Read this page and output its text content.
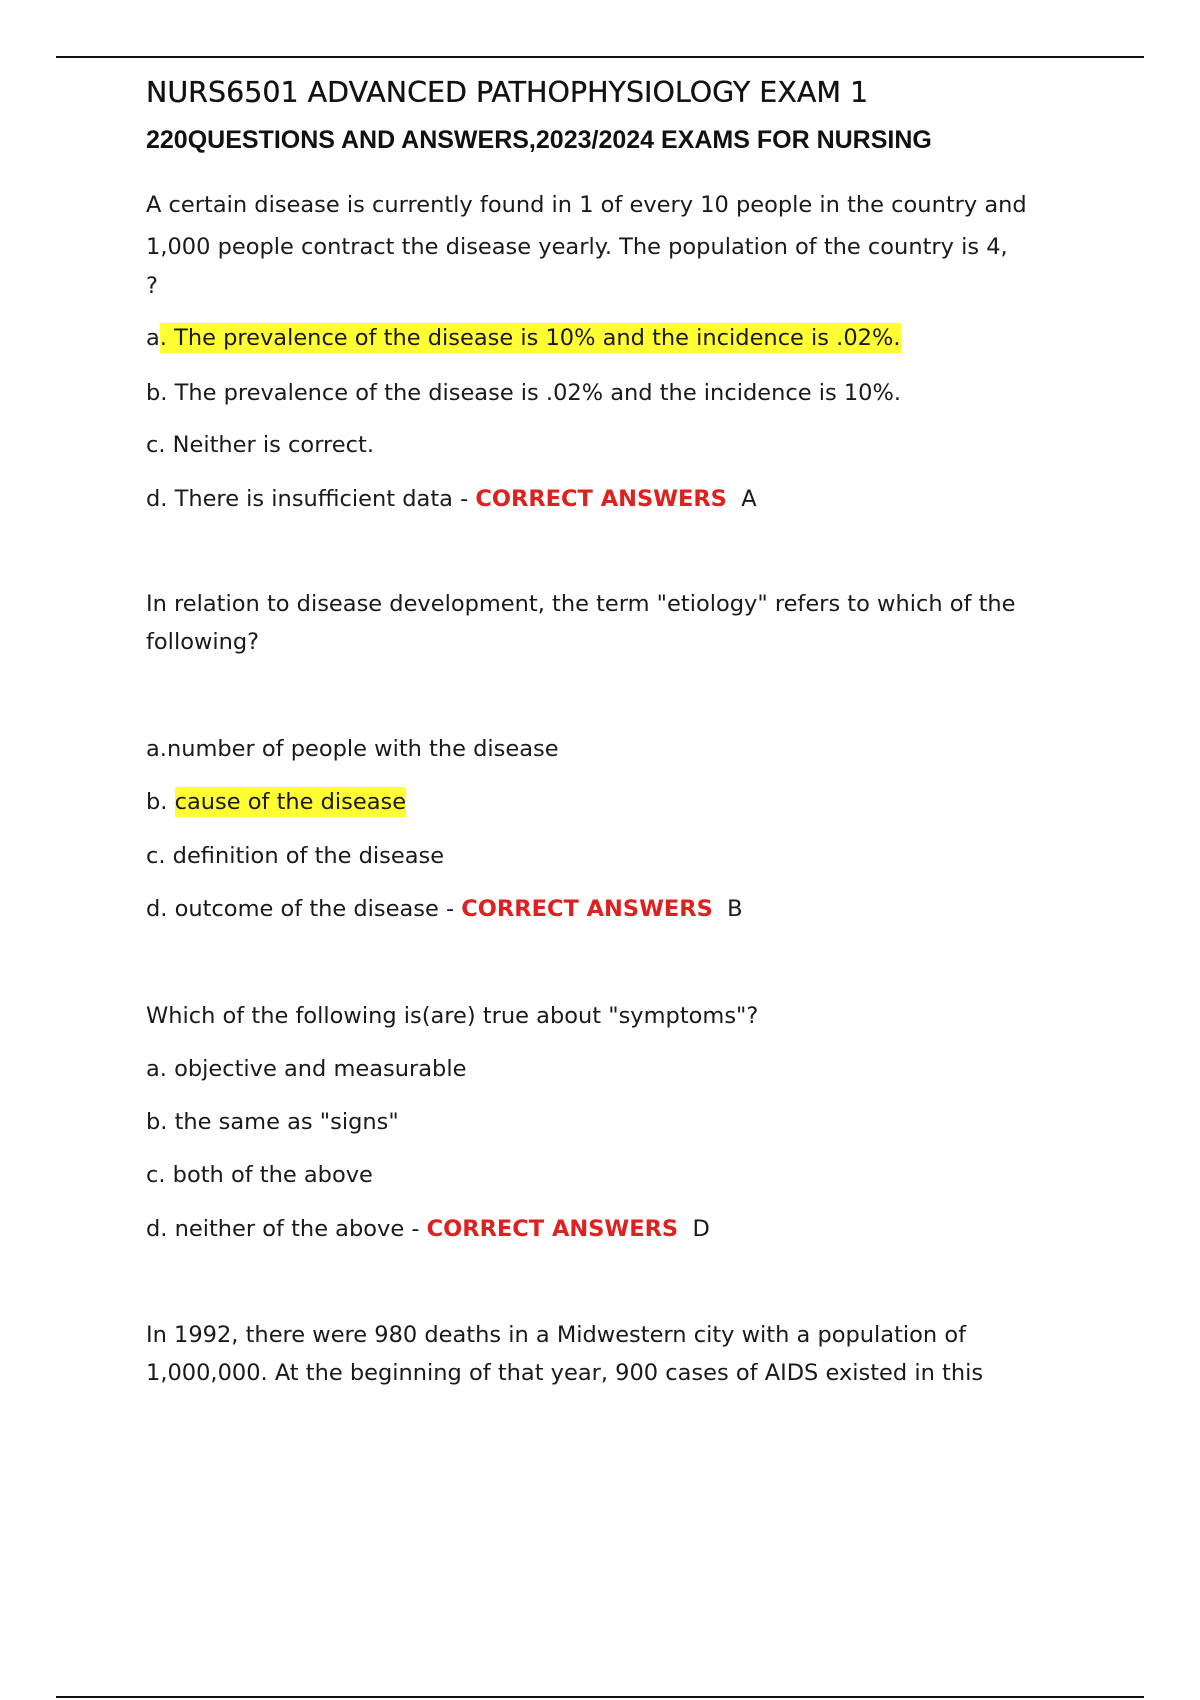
NURS6501 ADVANCED PATHOPHYSIOLOGY EXAM 1
220QUESTIONS AND ANSWERS,2023/2024 EXAMS FOR NURSING
A certain disease is currently found in 1 of every 10 people in the country and
1,000 people contract the disease yearly. The population of the country is 4,
?
a. The prevalence of the disease is 10% and the incidence is .02%.
b. The prevalence of the disease is .02% and the incidence is 10%.
c. Neither is correct.
d. There is insufficient data - CORRECT ANSWERS A
In relation to disease development, the term "etiology" refers to which of the
following?
a.number of people with the disease
b. cause of the disease
c. definition of the disease
d. outcome of the disease - CORRECT ANSWERS B
Which of the following is(are) true about "symptoms"?
a. objective and measurable
b. the same as "signs"
c. both of the above
d. neither of the above - CORRECT ANSWERS D
In 1992, there were 980 deaths in a Midwestern city with a population of
1,000,000. At the beginning of that year, 900 cases of AIDS existed in this
